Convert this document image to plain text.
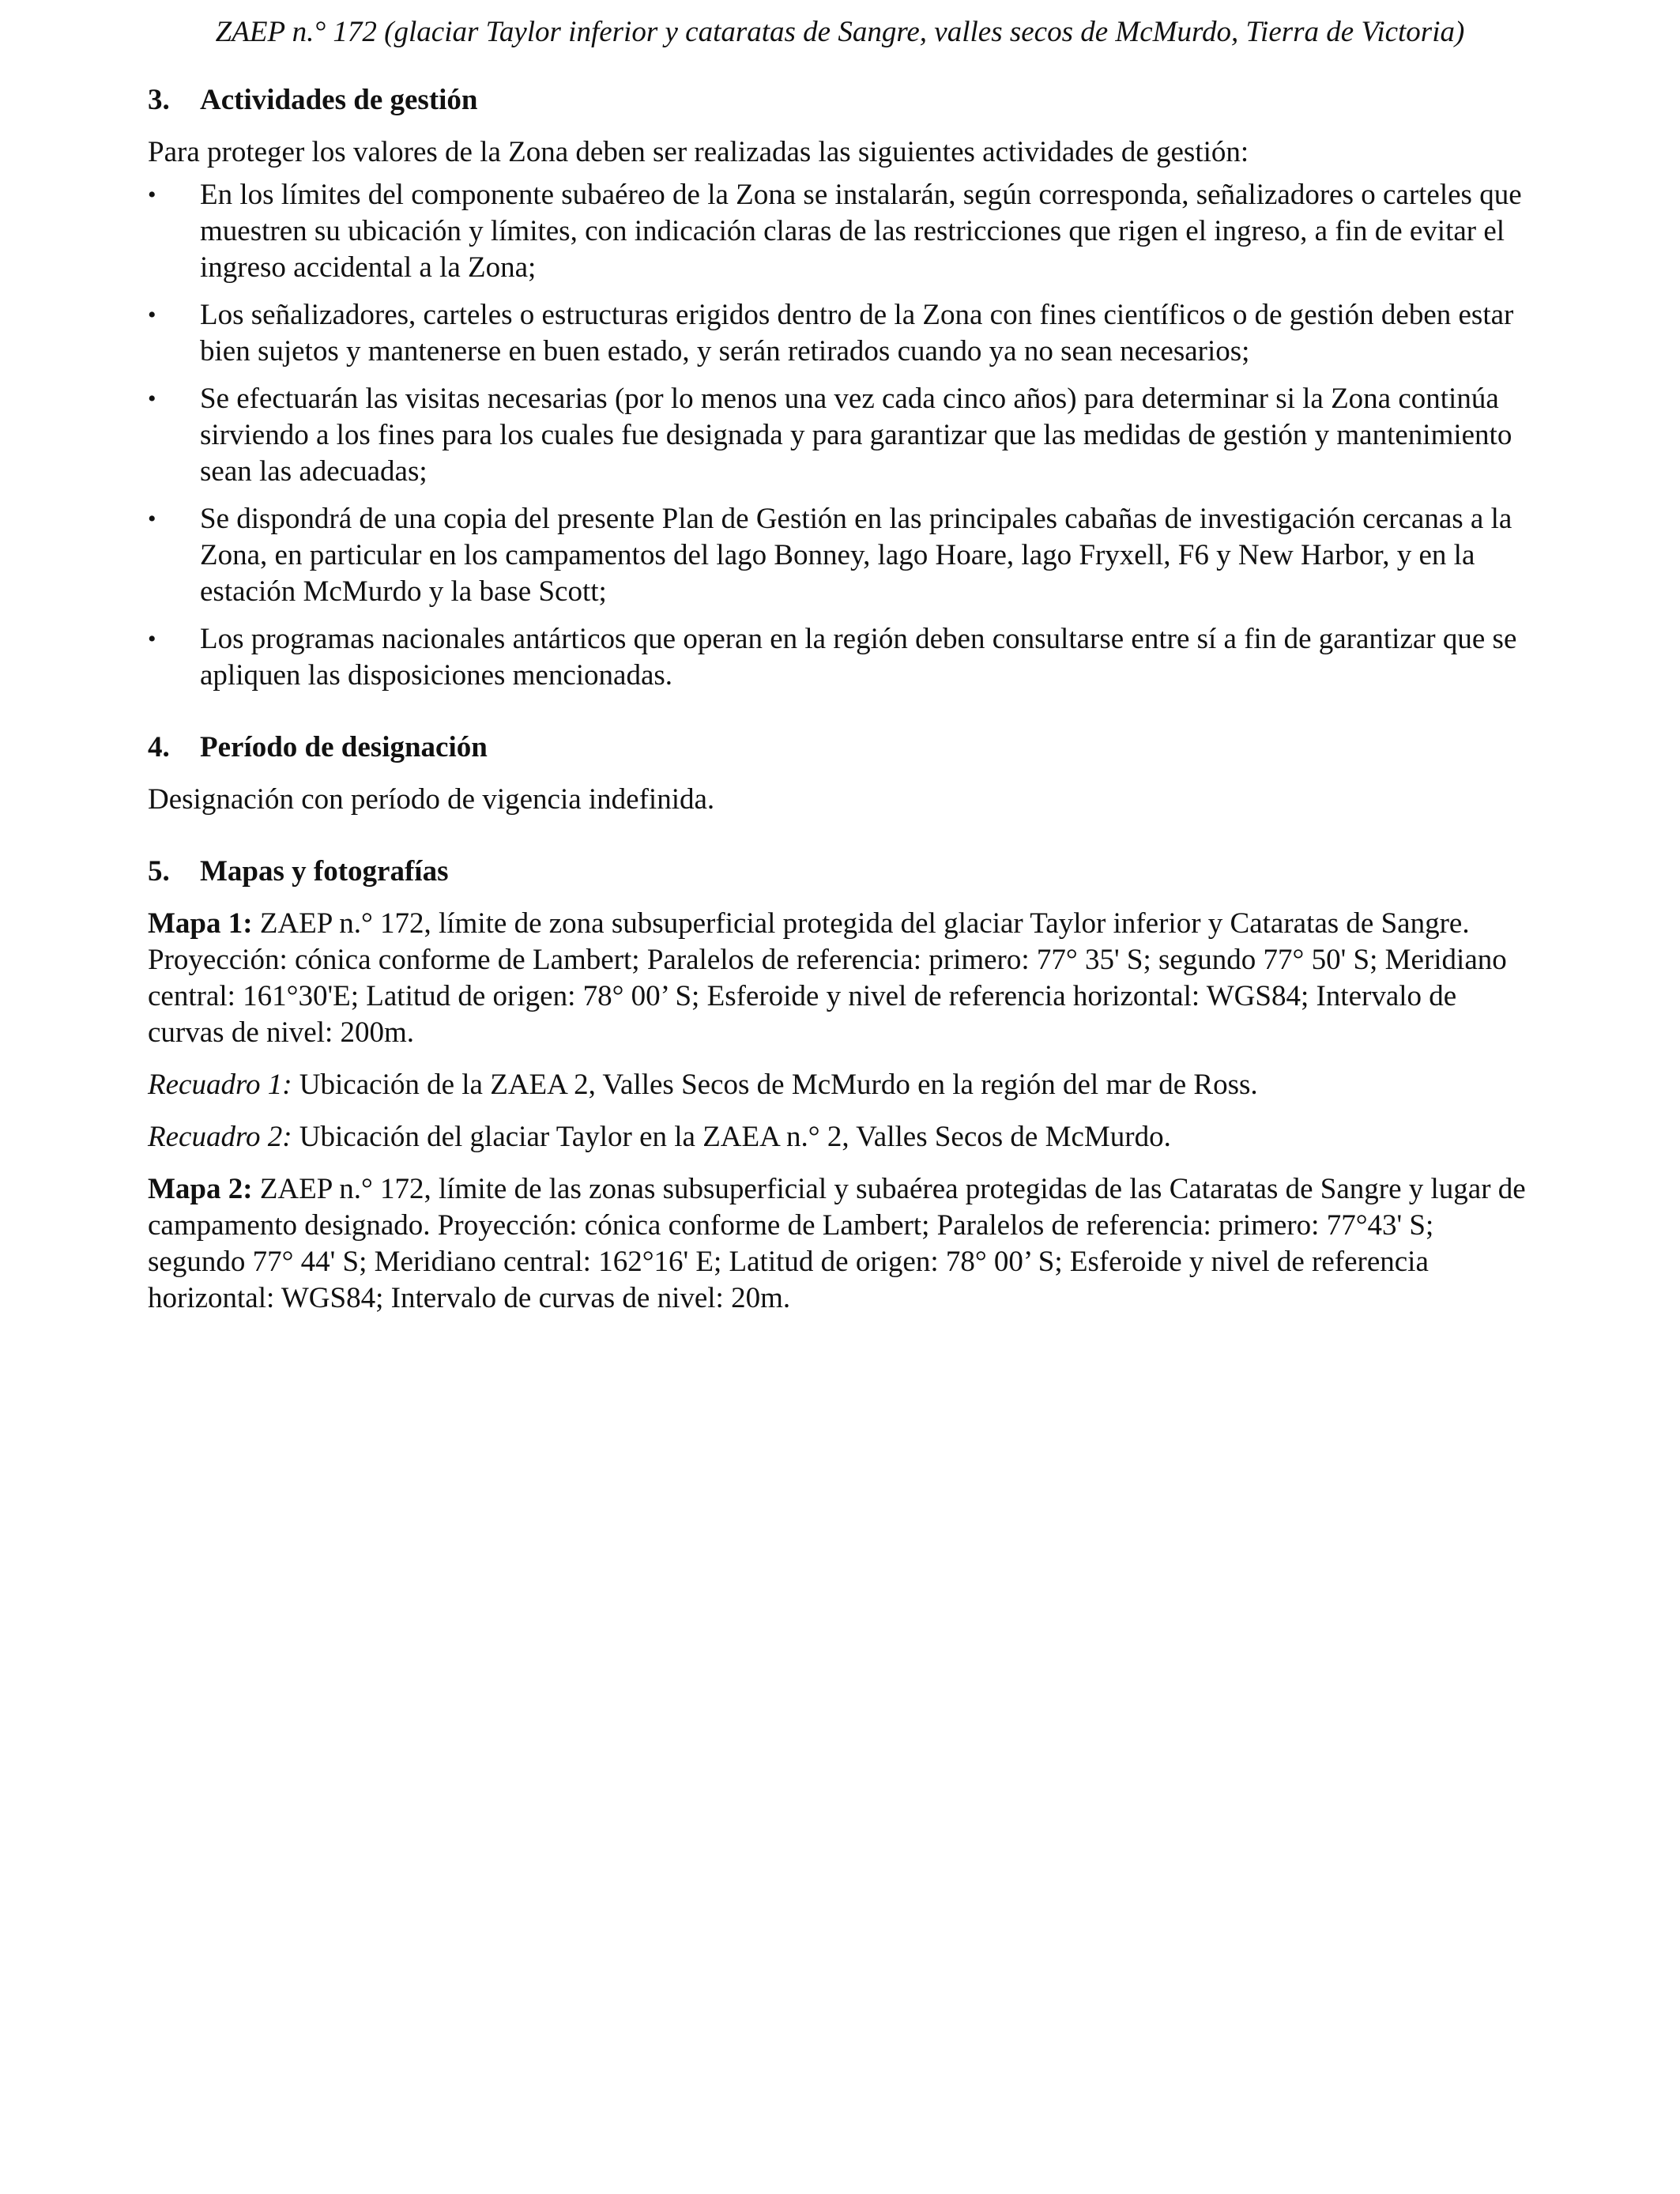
ZAEP n.° 172 (glaciar Taylor inferior y cataratas de Sangre, valles secos de McMurdo, Tierra de Victoria)
3.	Actividades de gestión

Para proteger los valores de la Zona deben ser realizadas las siguientes actividades de gestión:

•	En los límites del componente subaéreo de la Zona se instalarán, según corresponda, señalizadores o carteles que muestren su ubicación y límites, con indicación claras de las restricciones que rigen el ingreso, a fin de evitar el ingreso accidental a la Zona;
•	Los señalizadores, carteles o estructuras erigidos dentro de la Zona con fines científicos o de gestión deben estar bien sujetos y mantenerse en buen estado, y serán retirados cuando ya no sean necesarios;
•	Se efectuarán las visitas necesarias (por lo menos una vez cada cinco años) para determinar si la Zona continúa sirviendo a los fines para los cuales fue designada y para garantizar que las medidas de gestión y mantenimiento sean las adecuadas;
•	Se dispondrá de una copia del presente Plan de Gestión en las principales cabañas de investigación cercanas a la Zona, en particular en los campamentos del lago Bonney, lago Hoare, lago Fryxell, F6 y New Harbor, y en la estación McMurdo y la base Scott;
•	Los programas nacionales antárticos que operan en la región deben consultarse entre sí a fin de garantizar que se apliquen las disposiciones mencionadas.
4.	Período de designación

Designación con período de vigencia indefinida.

5.	Mapas y fotografías

Mapa 1: ZAEP n.° 172, límite de zona subsuperficial protegida del glaciar Taylor inferior y Cataratas de Sangre. Proyección: cónica conforme de Lambert; Paralelos de referencia: primero: 77° 35' S; segundo 77° 50' S; Meridiano central: 161°30'E; Latitud de origen: 78° 00’ S; Esferoide y nivel de referencia horizontal: WGS84; Intervalo de curvas de nivel: 200m.

Recuadro 1: Ubicación de la ZAEA 2, Valles Secos de McMurdo en la región del mar de Ross.

Recuadro 2: Ubicación del glaciar Taylor en la ZAEA n.° 2, Valles Secos de McMurdo.

Mapa 2: ZAEP n.° 172, límite de las zonas subsuperficial y subaérea protegidas de las Cataratas de Sangre y lugar de campamento designado. Proyección: cónica conforme de Lambert; Paralelos de referencia: primero: 77°43' S; segundo 77° 44' S; Meridiano central: 162°16' E; Latitud de origen: 78° 00’ S; Esferoide y nivel de referencia horizontal: WGS84; Intervalo de curvas de nivel: 20m.
